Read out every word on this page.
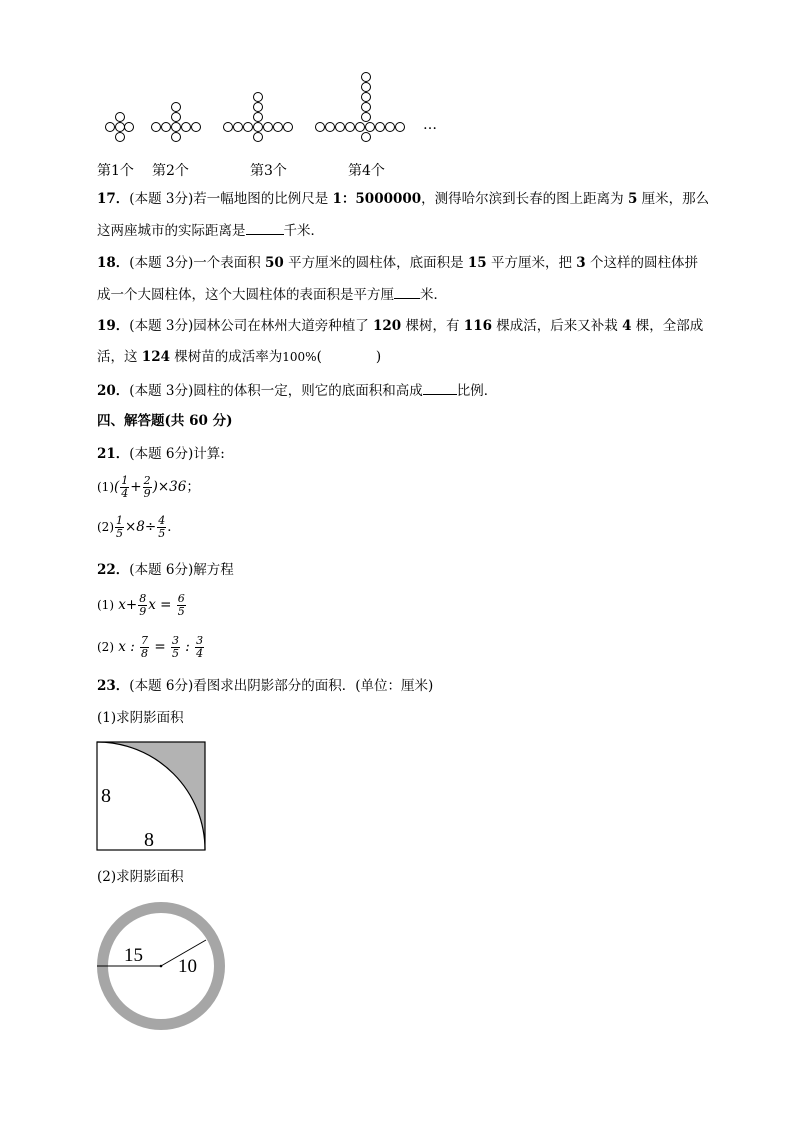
…
第1个 第2个	第3个	第4个
17．(本题 3分)若一幅地图的比例尺是 1：5000000，测得哈尔滨到长春的图上距离为 5 厘米，那么
这两座城市的实际距离是	千米．
18．(本题 3分)一个表面积 50 平方厘米的圆柱体，底面积是 15 平方厘米，把 3 个这样的圆柱体拼
成一个大圆柱体，这个大圆柱体的表面积是平方厘 米．
19．(本题 3分)园林公司在林州大道旁种植了 120 棵树，有 116 棵成活，后来又补栽 4 棵，全部成
活，这 124 棵树苗的成活率为100%(　　　　)
20．(本题 3分)圆柱的体积一定，则它的底面积和高成	比例．
四、解答题(共 60 分)
21．(本题 6分)计算:
$(1)( \frac{1}{4} + \frac{2}{9} )\times 36$；
$(2) \frac{1}{5} \times 8\div \frac{4}{5}$ ．
22．(本题 6分)解方程
(1) $x+ \frac{8}{9}$ $x = \frac{6}{5}$
(2) x : $\frac{7}{8} = \frac{3}{5}$ : $\frac{3}{4}$
23．(本题 6分)看图求出阴影部分的面积．(单位：厘米)
(1)求阴影面积
8
8
(2)求阴影面积
15
10
